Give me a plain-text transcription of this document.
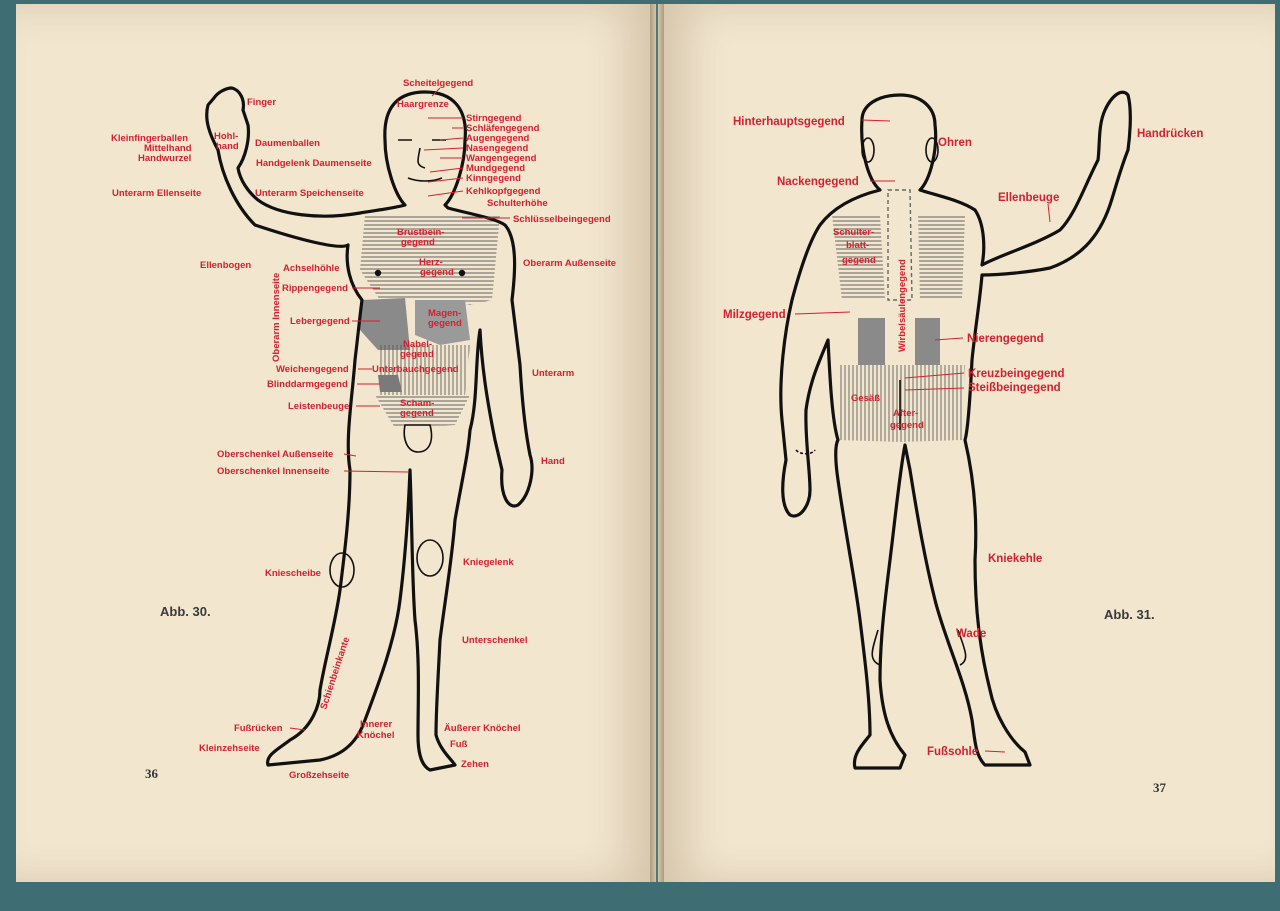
Scheitelgegend
Haargrenze
Stirngegend
Schläfengegend
Augengegend
Nasengegend
Wangengegend
Mundgegend
Kinngegend
Kehlkopfgegend
Schulterhöhe
Schlüsselbeingegend
Finger
Kleinfingerballen	Hohl-
hand Daumenballen
Mittelhand
Handwurzel	Handgelenk Daumenseite
Unterarm Ellenseite	Unterarm Speichenseite
Brustbein-
gegend
Ellenbogen
Oberarm Innenseite
Achselhöhle
Herz-
gegend
Oberarm Außenseite
Rippengegend
Lebergegend
Magen-
gegend
Nabel-
gegend
Weichengegend Unterbauchgegend	Unterarm
Blinddarmgegend
Leistenbeuge	Scham-
gegend
Oberschenkel Außenseite
Oberschenkel Innenseite
Hand
Kniescheibe
Kniegelenk
Abb. 30.
Unterschenkel
Schienbeinkante
Fußrücken	Innerer
Knöchel
Äußerer Knöchel
Fuß
Kleinzehseite
Zehen
Großzehseite
36
Hinterhauptsgegend
Ohren
Handrücken
Nackengegend
Ellenbeuge
Schulter-
blatt-
gegend Wirbelsäulengegend
Milzgegend
Nierengegend
Kreuzbeingegend
Steißbeingegend
Gesäß
After-
gegend
Kniekehle
Abb. 31.
Wade
Fußsohle
37
